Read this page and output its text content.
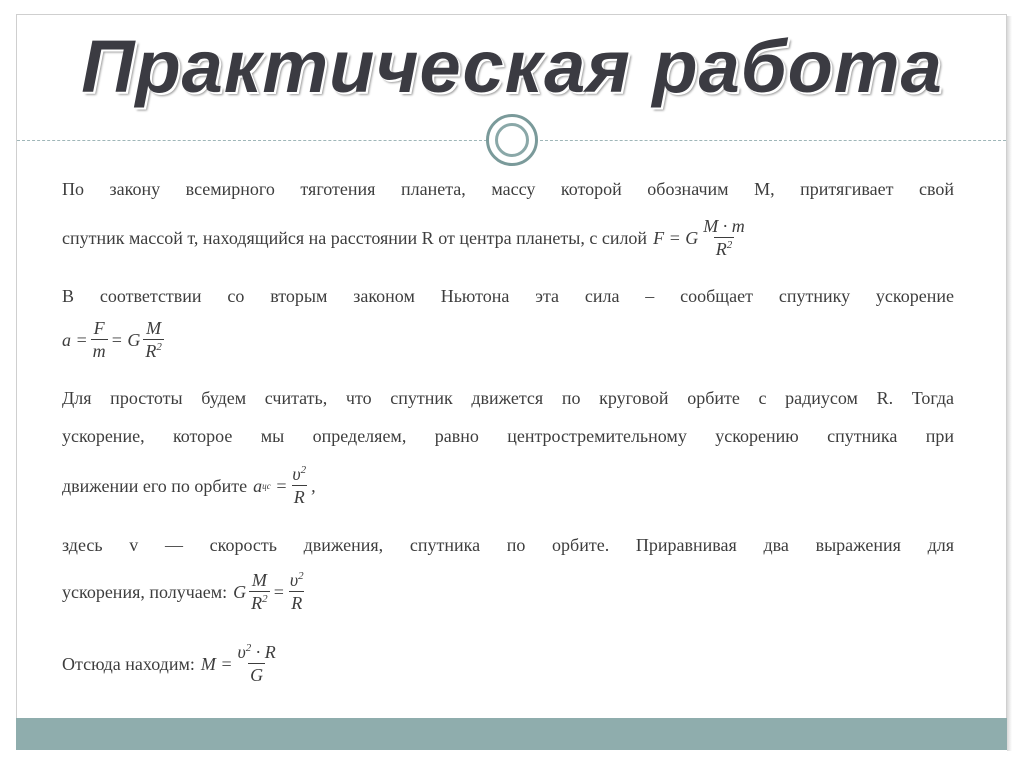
Практическая работа
По закону всемирного тяготения планета, массу которой обозначим М, притягивает свой
спутник массой т, находящийся на расстоянии R от центра планеты, с силой F
=
G $\frac{M \cdot m}{R^2}$
В соответствии со вторым законом Ньютона эта сила – сообщает спутнику ускорение
a
= $\frac{F}{m}$ =
G $\frac{M}{R^2}$
Для простоты будем считать, что спутник движется по круговой орбите с радиусом R. Тогда
ускорение, которое мы определяем, равно центростремительному ускорению спутника при
движении его по орбите a цс
= $\frac{\upsilon^2}{R}$ ,
здесь v — скорость движения, спутника по орбите. Приравнивая два выражения для
ускорения, получаем: G $\frac{M}{R^2} = \frac{\upsilon^2}{R}$
Отсюда находим: M
= $\frac{\upsilon^2 \cdot R}{G}$
